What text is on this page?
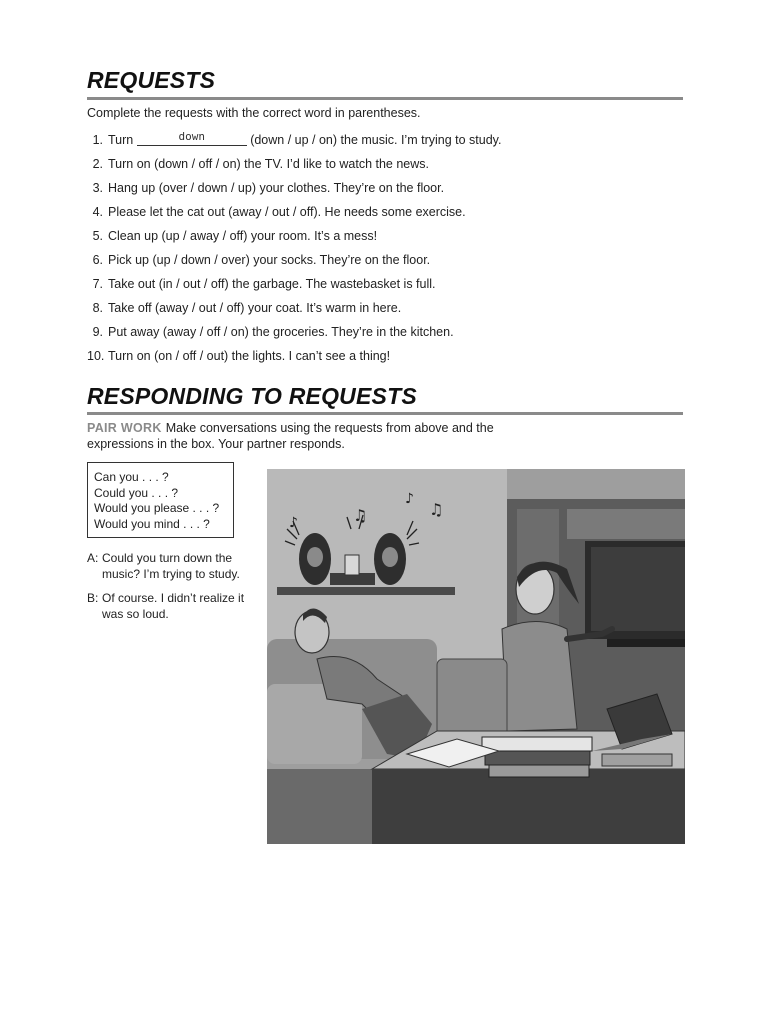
REQUESTS
Complete the requests with the correct word in parentheses.
1. Turn	down	(down / up / on) the music. I’m trying to study.
2. Turn on (down / off / on) the TV. I’d like to watch the news.
3. Hang up (over / down / up) your clothes. They’re on the floor.
4. Please let the cat out (away / out / off). He needs some exercise.
5. Clean up (up / away / off) your room. It’s a mess!
6. Pick up (up / down / over) your socks. They’re on the floor.
7. Take out (in / out / off) the garbage. The wastebasket is full.
8. Take off (away / out / off) your coat. It’s warm in here.
9. Put away (away / off / on) the groceries. They’re in the kitchen.
10. Turn on (on / off / out) the lights. I can’t see a thing!
RESPONDING TO REQUESTS
PAIR WORK Make conversations using the requests from above and the expressions in the box. Your partner responds.
Can you . . . ?
Could you . . . ?
Would you please . . . ?
Would you mind . . . ?
A: Could you turn down the music? I’m trying to study.
B: Of course. I didn’t realize it was so loud.
♫
♪
♫
♪
